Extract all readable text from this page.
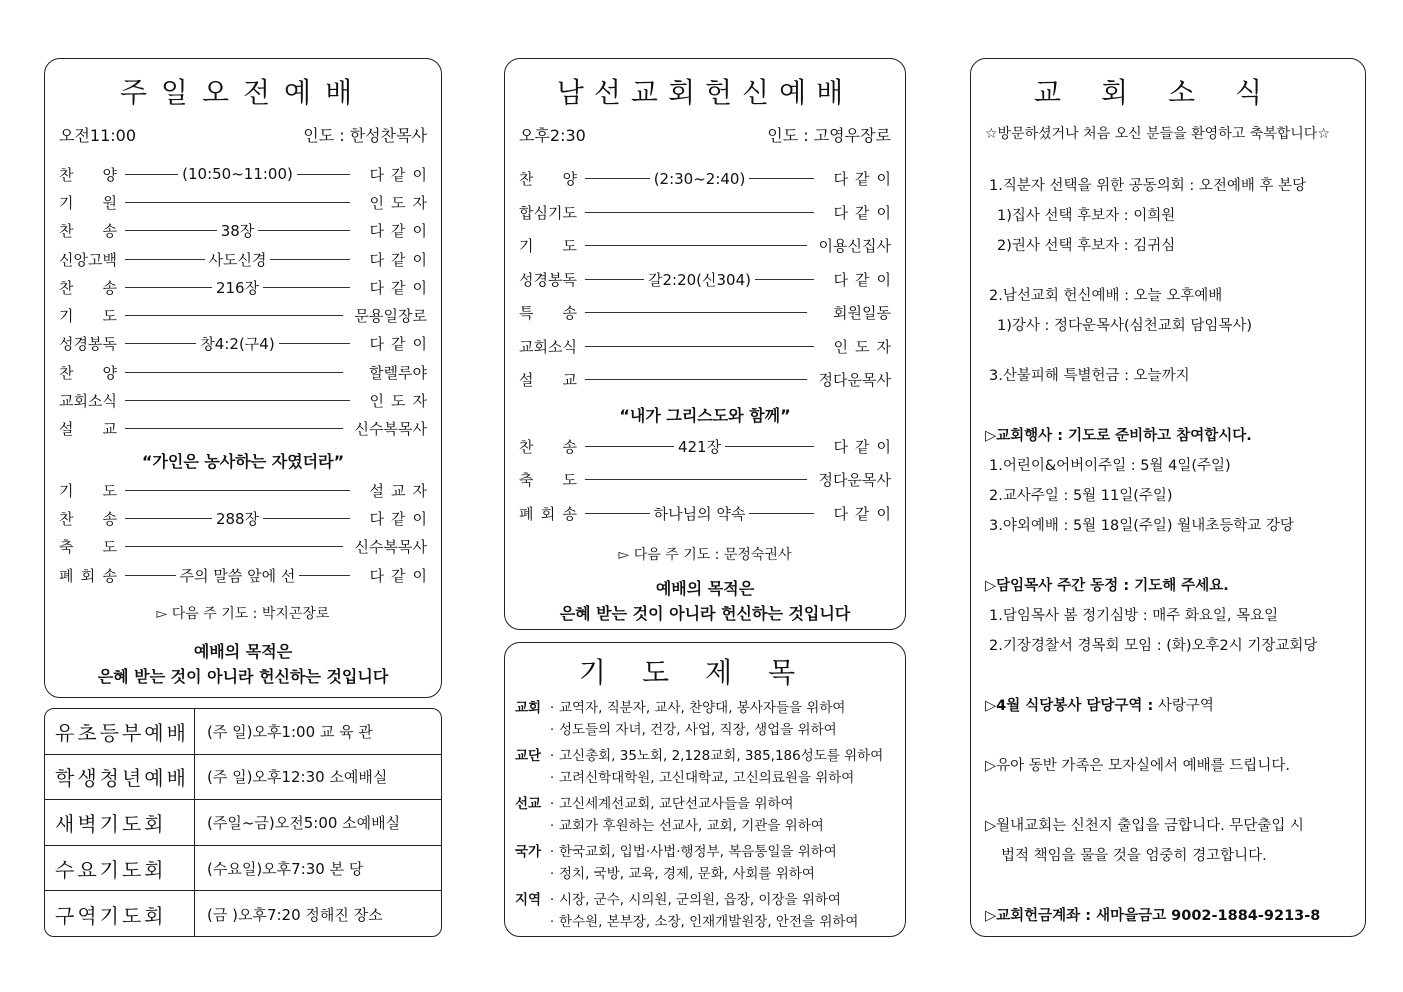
주일오전예배
오전11:00	인도 : 한성찬목사
찬 양	(10:50~11:00)	다같이
기 원	인도자
찬 송	38장	다같이
신앙고백	사도신경	다같이
찬 송	216장	다같이
기 도	문용일장로
성경봉독	창4:2(구4)	다같이
찬 양	할렐루야
교회소식	인도자
설 교	신수복목사
“가인은 농사하는 자였더라”
기 도	설교자
찬 송	288장	다같이
축 도	신수복목사
폐 회 송	주의 말씀 앞에 선	다같이
▻ 다음 주 기도 : 박지곤장로
예배의 목적은
은혜 받는 것이 아니라 헌신하는 것입니다
유초등부예배	(주 일)오후1:00 교 육 관
학생청년예배	(주 일)오후12:30 소예배실
새벽기도회	(주일~금)오전5:00 소예배실
수요기도회	(수요일)오후7:30 본 당
구역기도회	(금 )오후7:20 정해진 장소
남선교회헌신예배
오후2:30	인도 : 고영우장로
찬 양	(2:30~2:40)	다같이
합심기도	다같이
기 도	이용신집사
성경봉독	갈2:20(신304)	다같이
특 송	회원일동
교회소식	인도자
설 교	정다운목사
“내가 그리스도와 함께”
찬 송	421장	다같이
축 도	정다운목사
폐 회 송	하나님의 약속	다같이
▻ 다음 주 기도 : 문정숙권사
예배의 목적은
은혜 받는 것이 아니라 헌신하는 것입니다
기도제목
교회 · 교역자, 직분자, 교사, 찬양대, 봉사자들을 위하여
· 성도들의 자녀, 건강, 사업, 직장, 생업을 위하여
교단 · 고신총회, 35노회, 2,128교회, 385,186성도를 위하여
· 고려신학대학원, 고신대학교, 고신의료원을 위하여
선교 · 고신세계선교회, 교단선교사들을 위하여
· 교회가 후원하는 선교사, 교회, 기관을 위하여
국가 · 한국교회, 입법·사법·행정부, 복음통일을 위하여
· 정치, 국방, 교육, 경제, 문화, 사회를 위하여
지역 · 시장, 군수, 시의원, 군의원, 읍장, 이장을 위하여
· 한수원, 본부장, 소장, 인재개발원장, 안전을 위하여
교회소식
☆방문하셨거나 처음 오신 분들을 환영하고 축복합니다☆
1.직분자 선택을 위한 공동의회 : 오전예배 후 본당
1)집사 선택 후보자 : 이희원
2)권사 선택 후보자 : 김귀심
2.남선교회 헌신예배 : 오늘 오후예배
1)강사 : 정다운목사(심천교회 담임목사)
3.산불피해 특별헌금 : 오늘까지
▷교회행사 : 기도로 준비하고 참여합시다.
1.어린이&어버이주일 : 5월 4일(주일)
2.교사주일 : 5월 11일(주일)
3.야외예배 : 5월 18일(주일) 월내초등학교 강당
▷담임목사 주간 동정 : 기도해 주세요.
1.담임목사 봄 정기심방 : 매주 화요일, 목요일
2.기장경찰서 경목회 모임 : (화)오후2시 기장교회당
▷4월 식당봉사 담당구역 : 사랑구역
▷유아 동반 가족은 모자실에서 예배를 드립니다.
▷월내교회는 신천지 출입을 금합니다. 무단출입 시
법적 책임을 물을 것을 엄중히 경고합니다.
▷교회헌금계좌 : 새마을금고 9002-1884-9213-8
